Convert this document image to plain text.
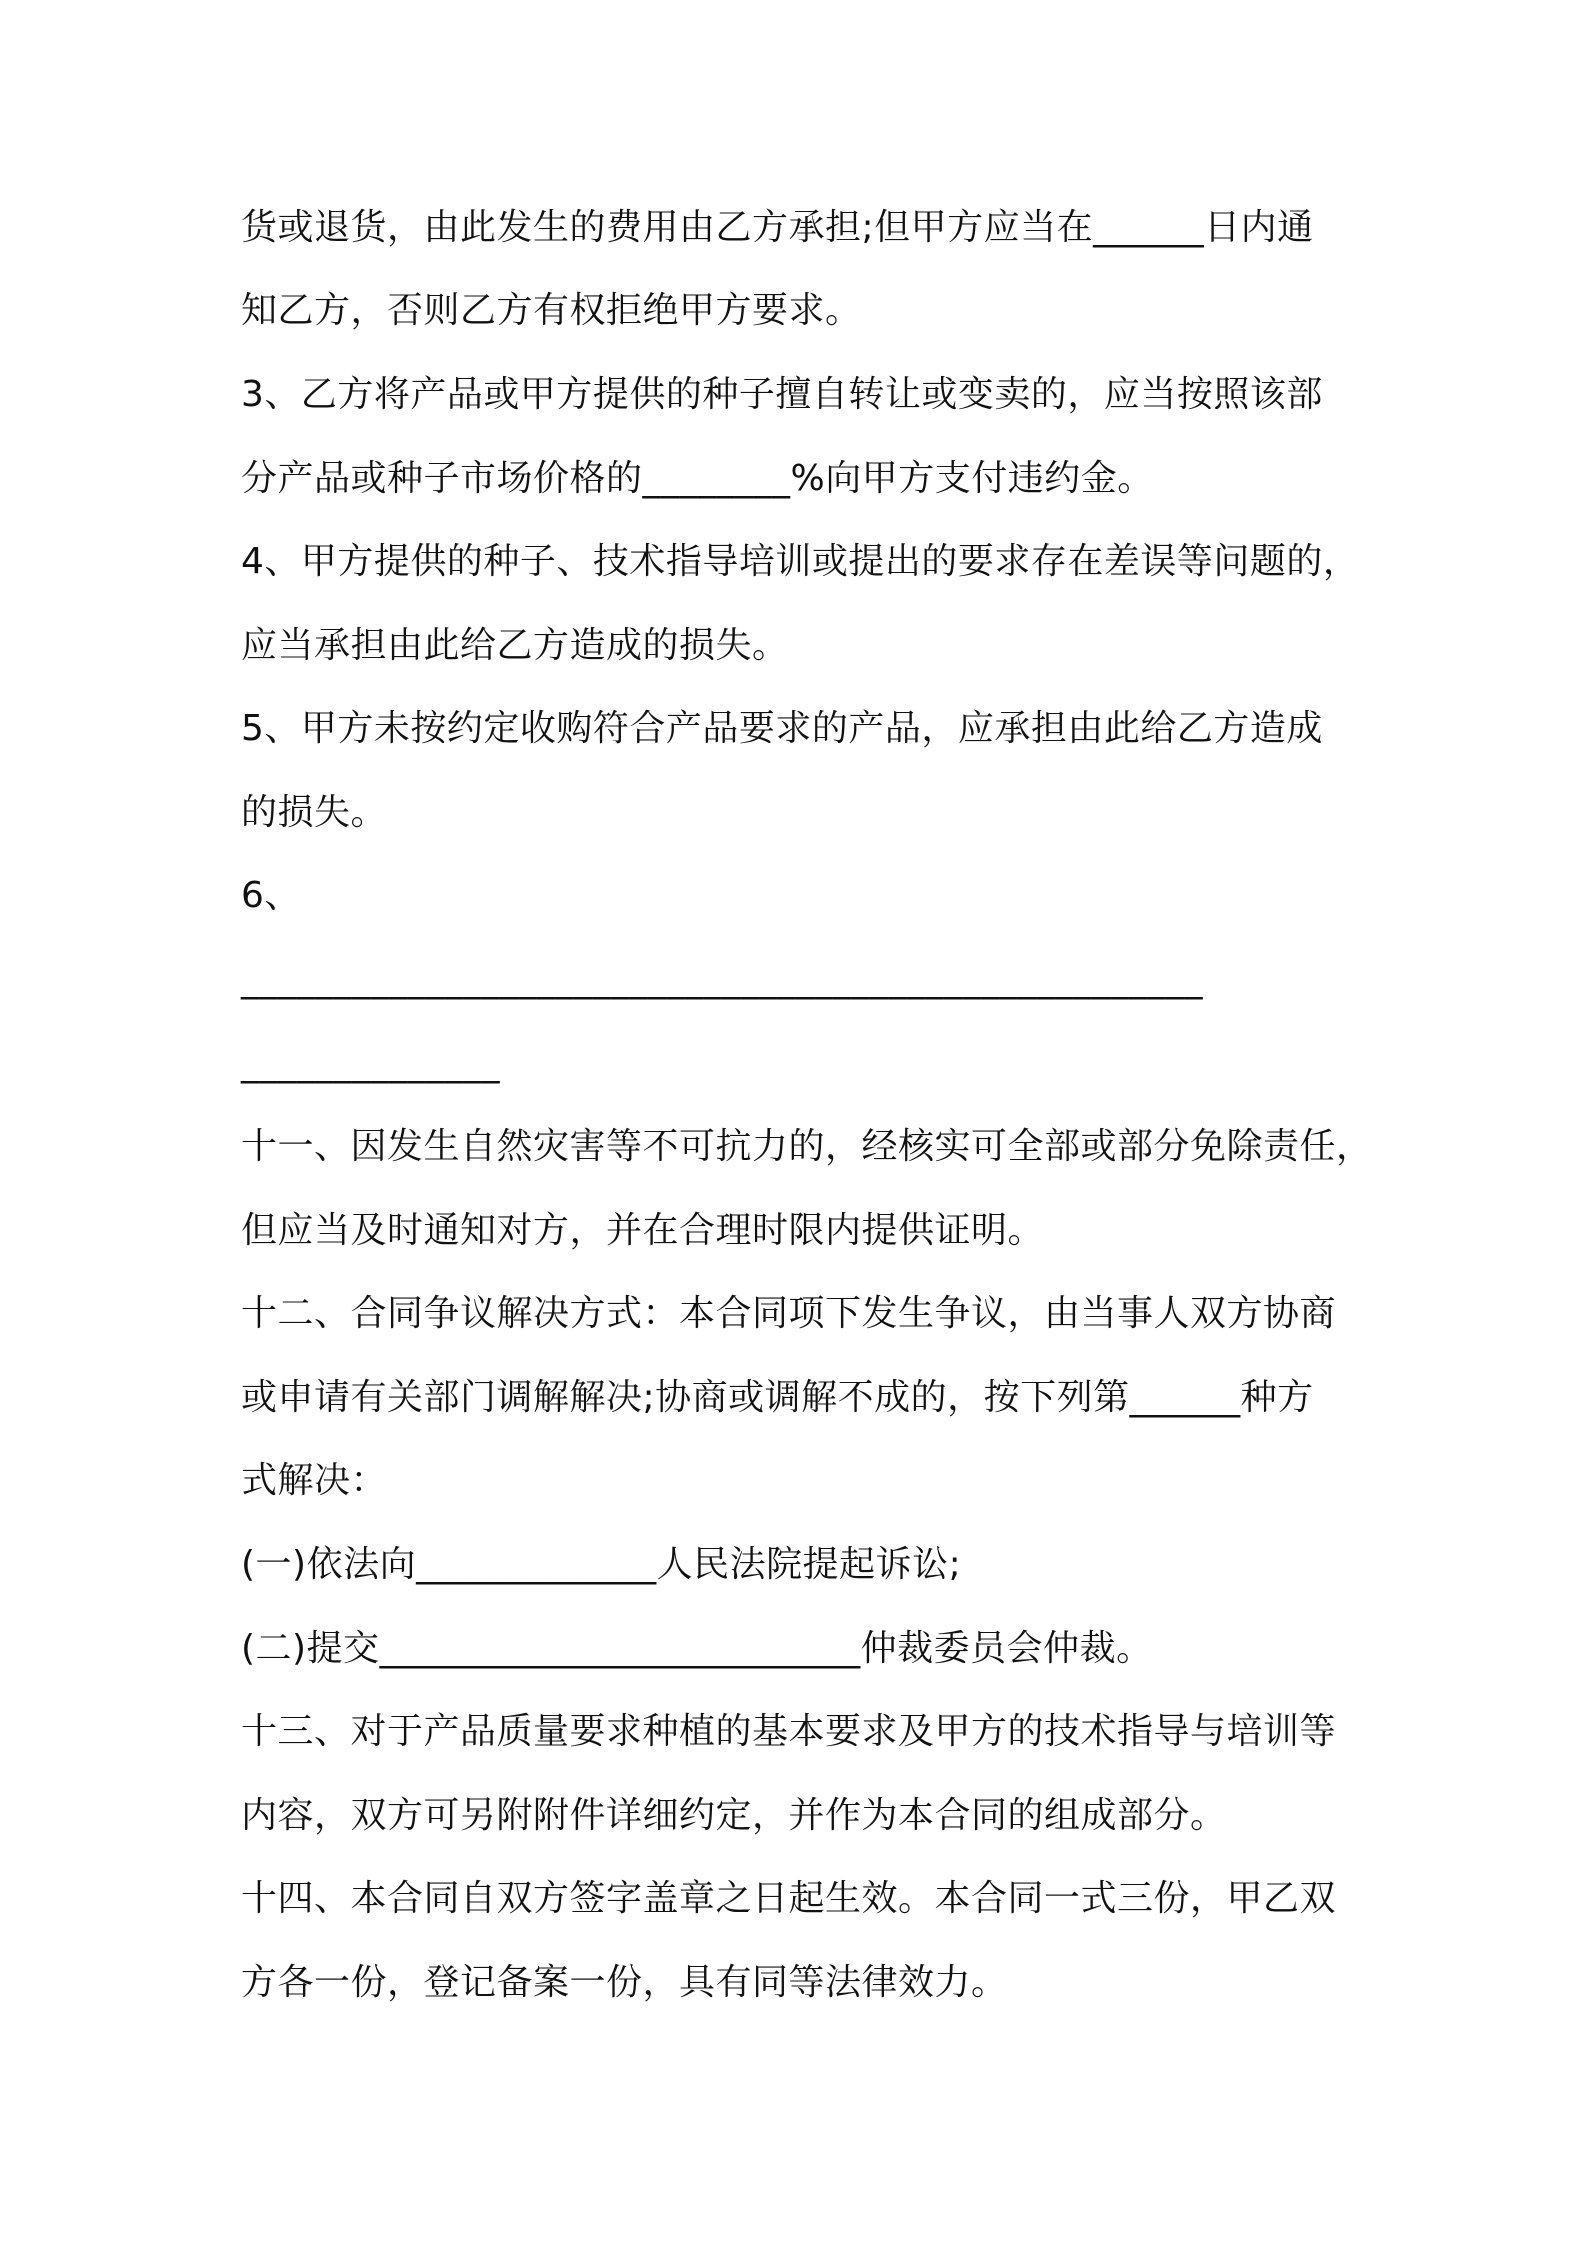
货或退货，由此发生的费用由乙方承担;但甲方应当在______日内通
知乙方，否则乙方有权拒绝甲方要求。
3、乙方将产品或甲方提供的种子擅自转让或变卖的，应当按照该部
分产品或种子市场价格的________%向甲方支付违约金。
4、甲方提供的种子、技术指导培训或提出的要求存在差误等问题的，
应当承担由此给乙方造成的损失。
5、甲方未按约定收购符合产品要求的产品，应承担由此给乙方造成
的损失。
6、
____________________________________________________
______________
十一、因发生自然灾害等不可抗力的，经核实可全部或部分免除责任，
但应当及时通知对方，并在合理时限内提供证明。
十二、合同争议解决方式：本合同项下发生争议，由当事人双方协商
或申请有关部门调解解决;协商或调解不成的，按下列第______种方
式解决：
(一)依法向_____________人民法院提起诉讼;
(二)提交__________________________仲裁委员会仲裁。
十三、对于产品质量要求种植的基本要求及甲方的技术指导与培训等
内容，双方可另附附件详细约定，并作为本合同的组成部分。
十四、本合同自双方签字盖章之日起生效。本合同一式三份，甲乙双
方各一份，登记备案一份，具有同等法律效力。
